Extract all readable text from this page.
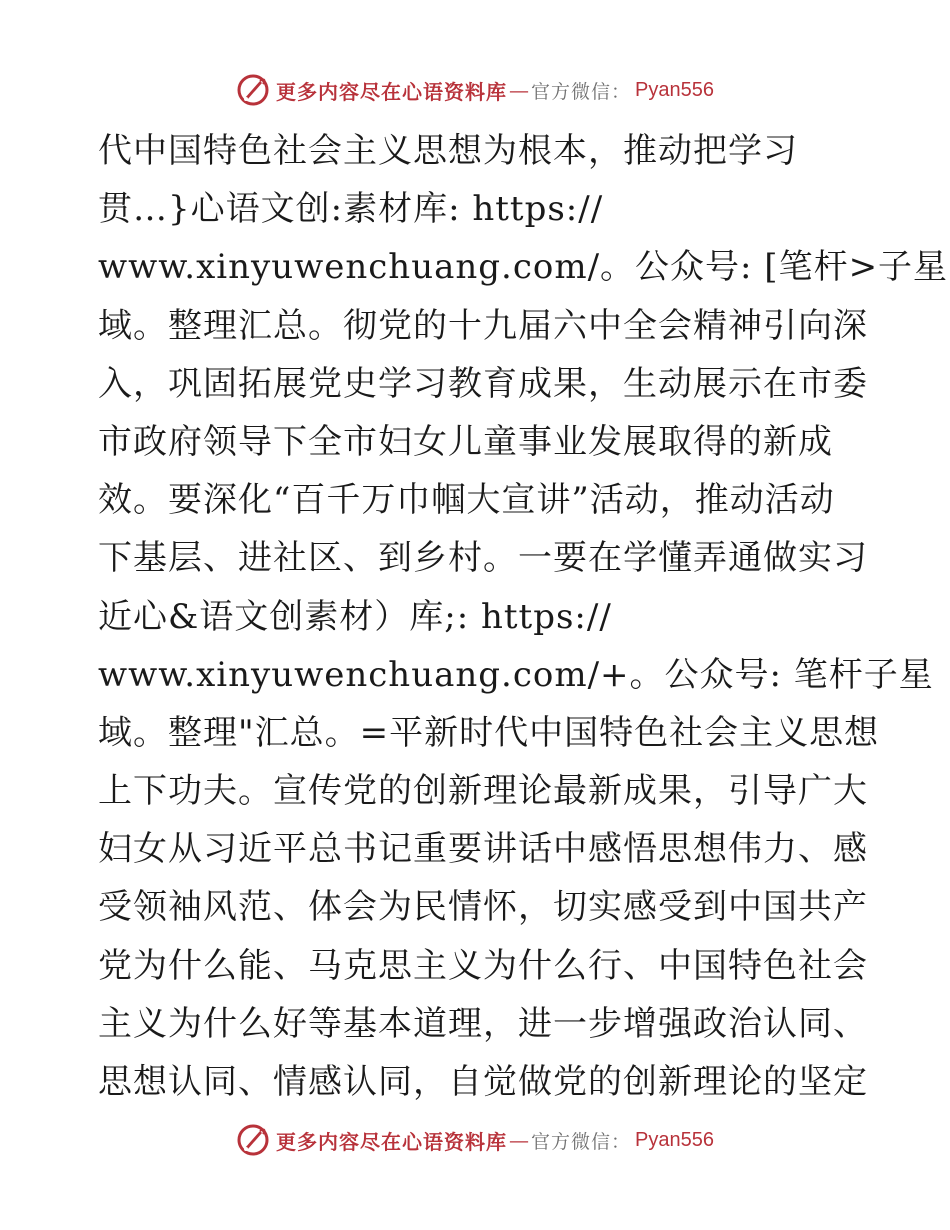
更多内容尽在心语资料库 — 官方微信： Pyan556
代中国特色社会主义思想为根本，推动把学习
贯…}心语文创:素材库: https://
www.xinyuwenchuang.com/。公众号: [笔杆>子星
域。整理汇总。彻党的十九届六中全会精神引向深
入，巩固拓展党史学习教育成果，生动展示在市委
市政府领导下全市妇女儿童事业发展取得的新成
效。要深化“百千万巾帼大宣讲”活动，推动活动
下基层、进社区、到乡村。一要在学懂弄通做实习
近心&语文创素材）库;: https://
www.xinyuwenchuang.com/+。公众号: 笔杆子星
域。整理"汇总。=平新时代中国特色社会主义思想
上下功夫。宣传党的创新理论最新成果，引导广大
妇女从习近平总书记重要讲话中感悟思想伟力、感
受领袖风范、体会为民情怀，切实感受到中国共产
党为什么能、马克思主义为什么行、中国特色社会
主义为什么好等基本道理，进一步增强政治认同、
思想认同、情感认同，自觉做党的创新理论的坚定
更多内容尽在心语资料库 — 官方微信： Pyan556
